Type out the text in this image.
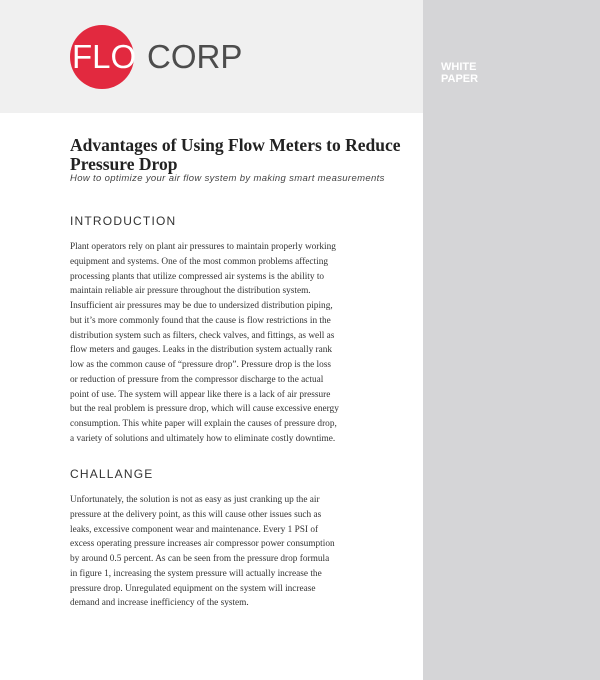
FLO CORP	WHITE
PAPER
Advantages of Using Flow Meters to Reduce Pressure Drop
How to optimize your air flow system by making smart measurements
INTRODUCTION
Plant operators rely on plant air pressures to maintain properly working
equipment and systems. One of the most common problems affecting
processing plants that utilize compressed air systems is the ability to
maintain reliable air pressure throughout the distribution system.
Insufficient air pressures may be due to undersized distribution piping,
but it’s more commonly found that the cause is flow restrictions in the
distribution system such as filters, check valves, and fittings, as well as
flow meters and gauges. Leaks in the distribution system actually rank
low as the common cause of “pressure drop”. Pressure drop is the loss
or reduction of pressure from the compressor discharge to the actual
point of use. The system will appear like there is a lack of air pressure
but the real problem is pressure drop, which will cause excessive energy
consumption. This white paper will explain the causes of pressure drop,
a variety of solutions and ultimately how to eliminate costly downtime.
CHALLANGE
Unfortunately, the solution is not as easy as just cranking up the air
pressure at the delivery point, as this will cause other issues such as
leaks, excessive component wear and maintenance. Every 1 PSI of
excess operating pressure increases air compressor power consumption
by around 0.5 percent. As can be seen from the pressure drop formula
in figure 1, increasing the system pressure will actually increase the
pressure drop. Unregulated equipment on the system will increase
demand and increase inefficiency of the system.
